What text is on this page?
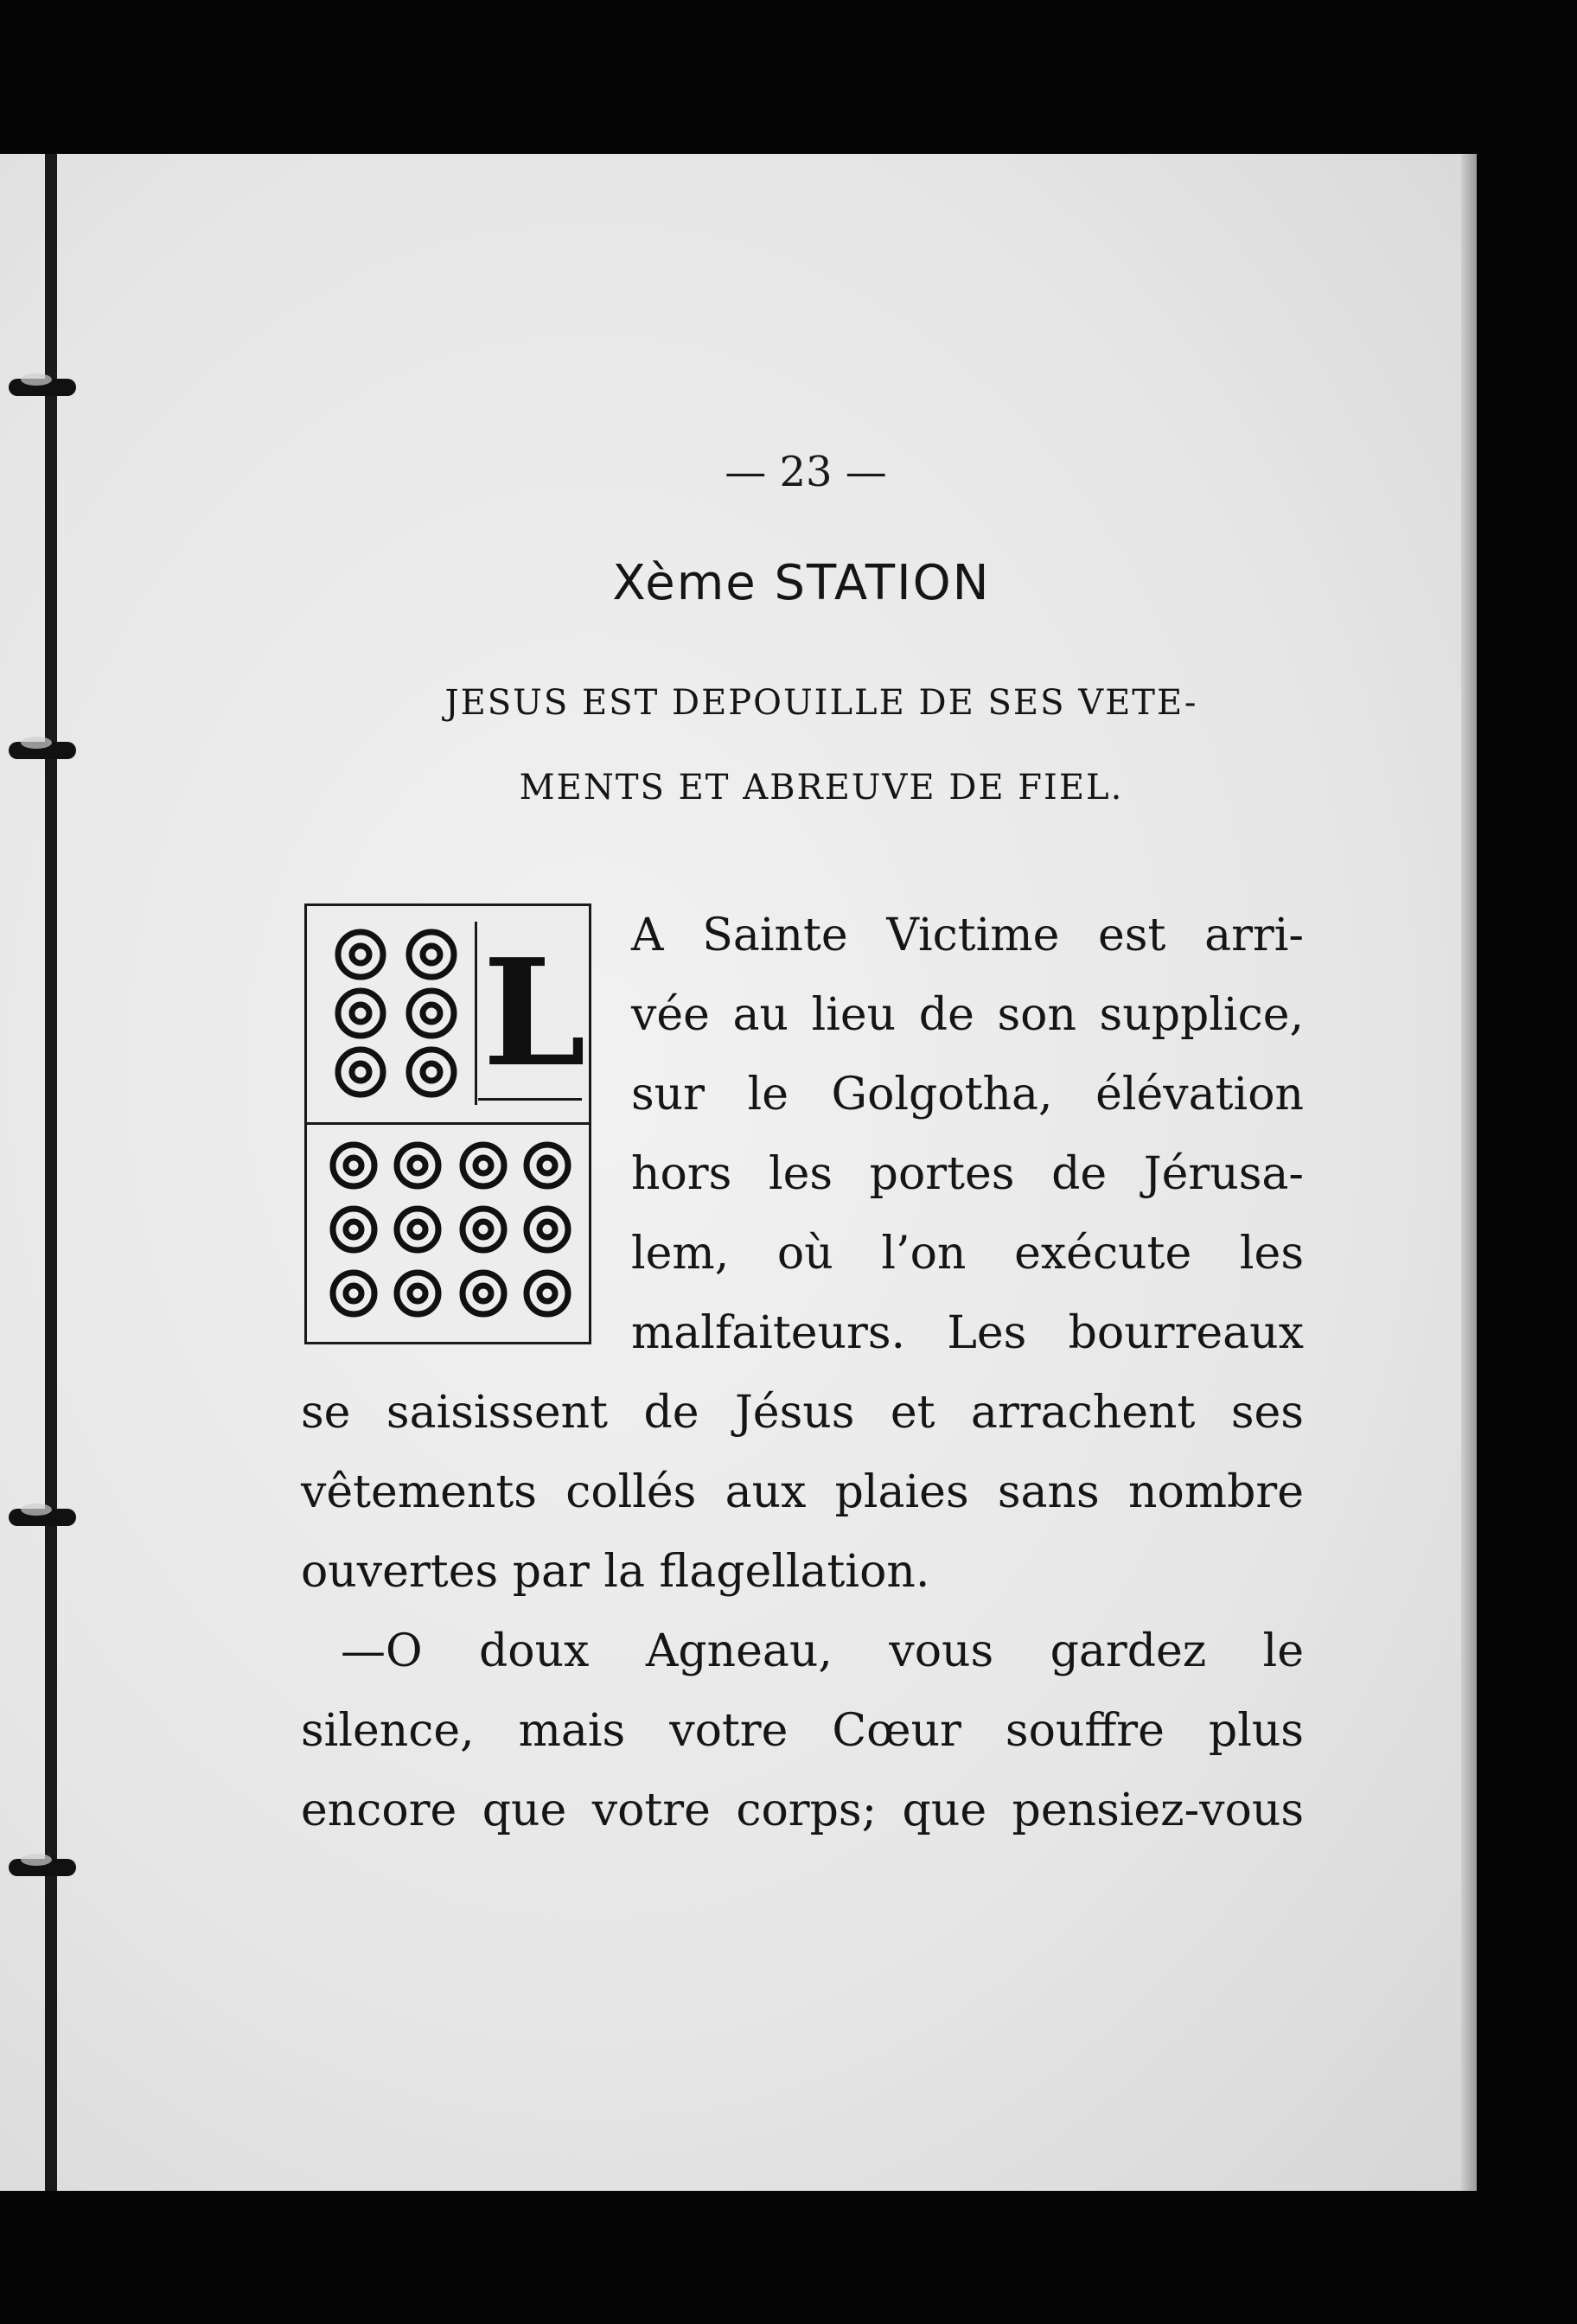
— 23 —
Xème STATION
JESUS EST DEPOUILLE DE SES VETE-
MENTS ET ABREUVE DE FIEL.
L A Sainte Victime est arri-
vée au lieu de son supplice,
sur le Golgotha, élévation
hors les portes de Jérusa-
lem, où l’on exécute les
malfaiteurs. Les bourreaux
se saisissent de Jésus et arrachent ses
vêtements collés aux plaies sans nombre
ouvertes par la flagellation.
—O doux Agneau, vous gardez le
silence, mais votre Cœur souffre plus
encore que votre corps; que pensiez-vous
